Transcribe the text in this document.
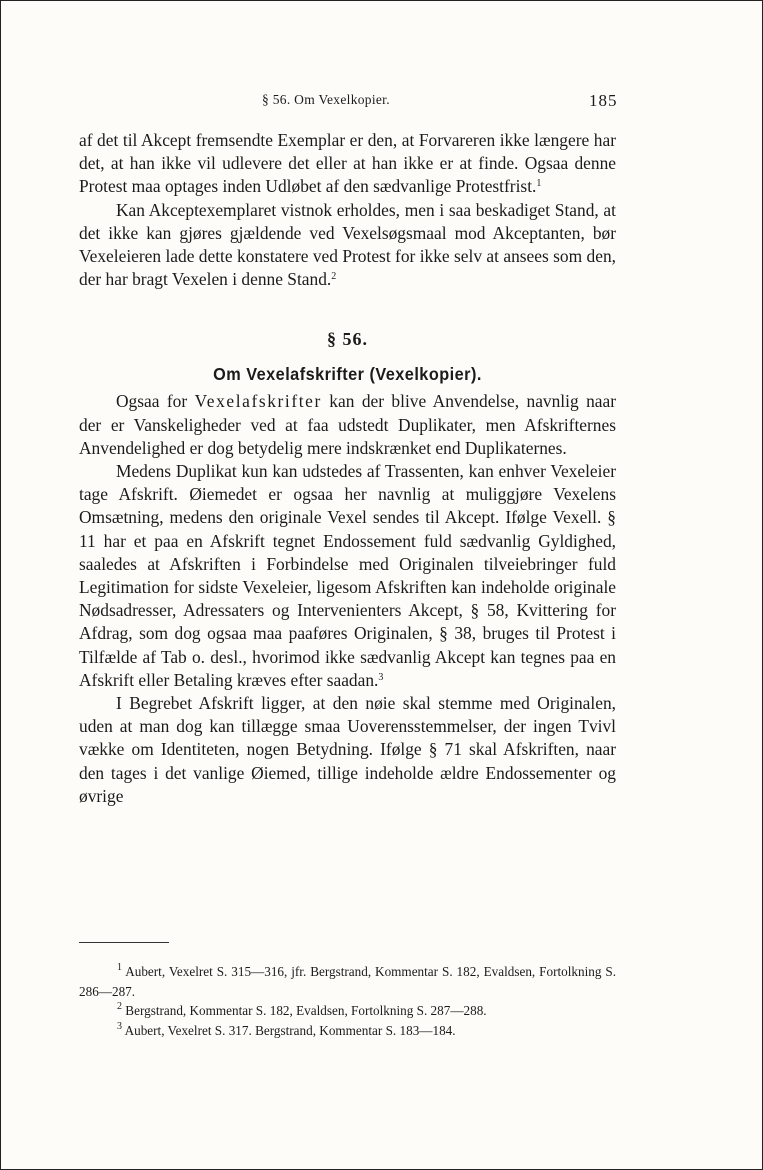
§ 56. Om Vexelkopier.	185

af det til Akcept fremsendte Exemplar er den, at Forvareren ikke længere har det, at han ikke vil udlevere det eller at han ikke er at finde. Ogsaa denne Protest maa optages inden Udløbet af den sædvanlige Protestfrist.$^1$

Kan Akceptexemplaret vistnok erholdes, men i saa beskadiget Stand, at det ikke kan gjøres gjældende ved Vexelsøgsmaal mod Akceptanten, bør Vexeleieren lade dette konstatere ved Protest for ikke selv at ansees som den, der har bragt Vexelen i denne Stand.$^2$

§ 56.
Om Vexelafskrifter (Vexelkopier).

Ogsaa for Vexelafskrifter kan der blive Anvendelse, navnlig naar der er Vanskeligheder ved at faa udstedt Duplikater, men Afskrifternes Anvendelighed er dog betydelig mere indskrænket end Duplikaternes.

Medens Duplikat kun kan udstedes af Trassenten, kan enhver Vexeleier tage Afskrift. Øiemedet er ogsaa her navnlig at muliggjøre Vexelens Omsætning, medens den originale Vexel sendes til Akcept. Ifølge Vexell. § 11 har et paa en Afskrift tegnet Endossement fuld sædvanlig Gyldighed, saaledes at Afskriften i Forbindelse med Originalen tilveiebringer fuld Legitimation for sidste Vexeleier, ligesom Afskriften kan indeholde originale Nødsadresser, Adressaters og Intervenienters Akcept, § 58, Kvittering for Afdrag, som dog ogsaa maa paaføres Originalen, § 38, bruges til Protest i Tilfælde af Tab o. desl., hvorimod ikke sædvanlig Akcept kan tegnes paa en Afskrift eller Betaling kræves efter saadan.$^3$

I Begrebet Afskrift ligger, at den nøie skal stemme med Originalen, uden at man dog kan tillægge smaa Uoverensstemmelser, der ingen Tvivl vække om Identiteten, nogen Betydning. Ifølge § 71 skal Afskriften, naar den tages i det vanlige Øiemed, tillige indeholde ældre Endossementer og øvrige

$^1$ Aubert, Vexelret S. 315—316, jfr. Bergstrand, Kommentar S. 182, Evaldsen, Fortolkning S. 286—287.

$^2$ Bergstrand, Kommentar S. 182, Evaldsen, Fortolkning S. 287—288.

$^3$ Aubert, Vexelret S. 317. Bergstrand, Kommentar S. 183—184.
